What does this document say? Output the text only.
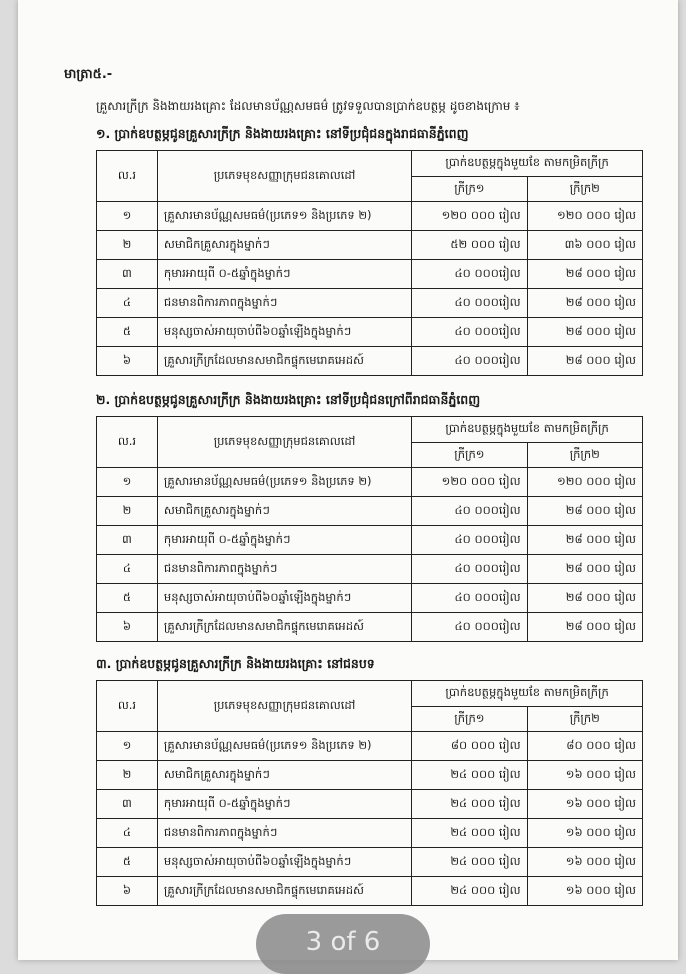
មាត្រា៥.-
គ្រួសារក្រីក្រ និងងាយរងគ្រោះ ដែលមានប័ណ្ណសមធម៌ ត្រូវទទួលបានប្រាក់ឧបត្ថម្ភ ដូចខាងក្រោម ៖
១. ប្រាក់ឧបត្ថម្ភជូនគ្រួសារក្រីក្រ និងងាយរងគ្រោះ នៅទីប្រជុំជនក្នុងរាជធានីភ្នំពេញ
ល.រ	ប្រភេទមុខសញ្ញាក្រុមជនគោលដៅ	ប្រាក់ឧបត្ថម្ភក្នុងមួយខែ តាមកម្រិតក្រីក្រ	
		ក្រីក្រ១	ក្រីក្រ២
១	គ្រួសារមានប័ណ្ណសមធម៌(ប្រភេទ១ និងប្រភេទ ២)	១២០ ០០០ រៀល	១២០ ០០០ រៀល
២	សមាជិកគ្រួសារក្នុងម្នាក់ៗ	៥២ ០០០ រៀល	៣៦ ០០០ រៀល
៣	កុមារអាយុពី ០-៥ឆ្នាំក្នុងម្នាក់ៗ	៤០ ០០០រៀល	២៨ ០០០ រៀល
៤	ជនមានពិការភាពក្នុងម្នាក់ៗ	៤០ ០០០រៀល	២៨ ០០០ រៀល
៥	មនុស្សចាស់អាយុចាប់ពី៦០ឆ្នាំឡើងក្នុងម្នាក់ៗ	៤០ ០០០រៀល	២៨ ០០០ រៀល
៦	គ្រួសារក្រីក្រដែលមានសមាជិកផ្ទុកមេរោគអេដស៍	៤០ ០០០រៀល	២៨ ០០០ រៀល
២. ប្រាក់ឧបត្ថម្ភជូនគ្រួសារក្រីក្រ និងងាយរងគ្រោះ នៅទីប្រជុំជនក្រៅពីរាជធានីភ្នំពេញ
ល.រ	ប្រភេទមុខសញ្ញាក្រុមជនគោលដៅ	ប្រាក់ឧបត្ថម្ភក្នុងមួយខែ តាមកម្រិតក្រីក្រ	
		ក្រីក្រ១	ក្រីក្រ២
១	គ្រួសារមានប័ណ្ណសមធម៌(ប្រភេទ១ និងប្រភេទ ២)	១២០ ០០០ រៀល	១២០ ០០០ រៀល
២	សមាជិកគ្រួសារក្នុងម្នាក់ៗ	៤០ ០០០រៀល	២៨ ០០០ រៀល
៣	កុមារអាយុពី ០-៥ឆ្នាំក្នុងម្នាក់ៗ	៤០ ០០០រៀល	២៨ ០០០ រៀល
៤	ជនមានពិការភាពក្នុងម្នាក់ៗ	៤០ ០០០រៀល	២៨ ០០០ រៀល
៥	មនុស្សចាស់អាយុចាប់ពី៦០ឆ្នាំឡើងក្នុងម្នាក់ៗ	៤០ ០០០រៀល	២៨ ០០០ រៀល
៦	គ្រួសារក្រីក្រដែលមានសមាជិកផ្ទុកមេរោគអេដស៍	៤០ ០០០រៀល	២៨ ០០០ រៀល
៣. ប្រាក់ឧបត្ថម្ភជូនគ្រួសារក្រីក្រ និងងាយរងគ្រោះ នៅជនបទ
ល.រ	ប្រភេទមុខសញ្ញាក្រុមជនគោលដៅ	ប្រាក់ឧបត្ថម្ភក្នុងមួយខែ តាមកម្រិតក្រីក្រ	
		ក្រីក្រ១	ក្រីក្រ២
១	គ្រួសារមានប័ណ្ណសមធម៌(ប្រភេទ១ និងប្រភេទ ២)	៨០ ០០០ រៀល	៨០ ០០០ រៀល
២	សមាជិកគ្រួសារក្នុងម្នាក់ៗ	២៤ ០០០ រៀល	១៦ ០០០ រៀល
៣	កុមារអាយុពី ០-៥ឆ្នាំក្នុងម្នាក់ៗ	២៤ ០០០ រៀល	១៦ ០០០ រៀល
៤	ជនមានពិការភាពក្នុងម្នាក់ៗ	២៤ ០០០ រៀល	១៦ ០០០ រៀល
៥	មនុស្សចាស់អាយុចាប់ពី៦០ឆ្នាំឡើងក្នុងម្នាក់ៗ	២៤ ០០០ រៀល	១៦ ០០០ រៀល
៦	គ្រួសារក្រីក្រដែលមានសមាជិកផ្ទុកមេរោគអេដស៍	២៤ ០០០ រៀល	១៦ ០០០ រៀល
3 of 6
